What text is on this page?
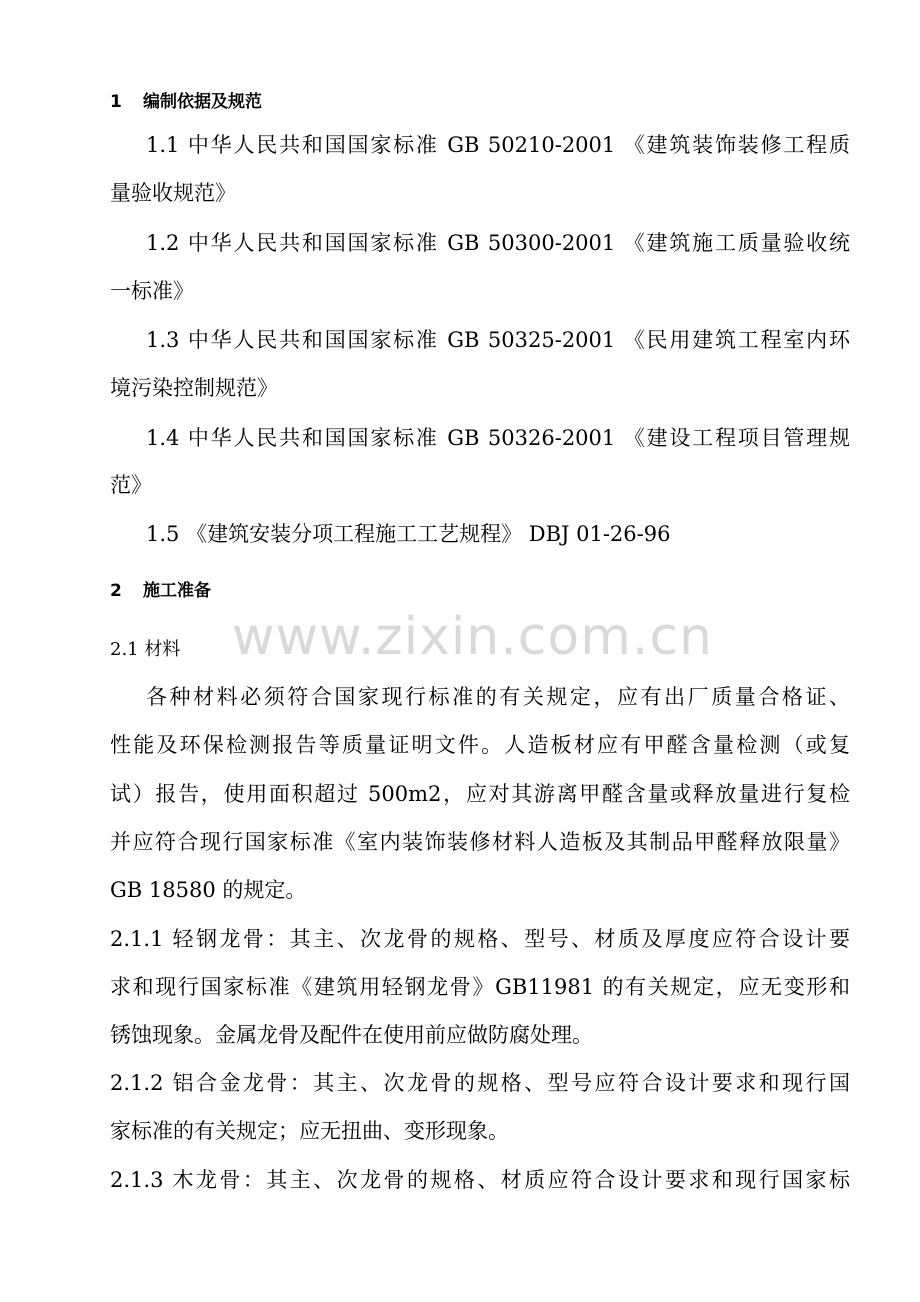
www.zixin.com.cn
1 编制依据及规范
1.1 中华人民共和国国家标准 GB 50210-2001 《建筑装饰装修工程质
量验收规范》
1.2 中华人民共和国国家标准 GB 50300-2001 《建筑施工质量验收统
一标准》
1.3 中华人民共和国国家标准 GB 50325-2001 《民用建筑工程室内环
境污染控制规范》
1.4 中华人民共和国国家标准 GB 50326-2001 《建设工程项目管理规
范》
1.5 《建筑安装分项工程施工工艺规程》 DBJ 01-26-96
2 施工准备
2.1 材料
各种材料必须符合国家现行标准的有关规定，应有出厂质量合格证、
性能及环保检测报告等质量证明文件。人造板材应有甲醛含量检测（或复
试）报告，使用面积超过 500m2，应对其游离甲醛含量或释放量进行复检
并应符合现行国家标准《室内装饰装修材料人造板及其制品甲醛释放限量》
GB 18580 的规定。
2.1.1 轻钢龙骨：其主、次龙骨的规格、型号、材质及厚度应符合设计要
求和现行国家标准《建筑用轻钢龙骨》GB11981 的有关规定，应无变形和
锈蚀现象。金属龙骨及配件在使用前应做防腐处理。
2.1.2 铝合金龙骨：其主、次龙骨的规格、型号应符合设计要求和现行国
家标准的有关规定；应无扭曲、变形现象。
2.1.3 木龙骨：其主、次龙骨的规格、材质应符合设计要求和现行国家标
